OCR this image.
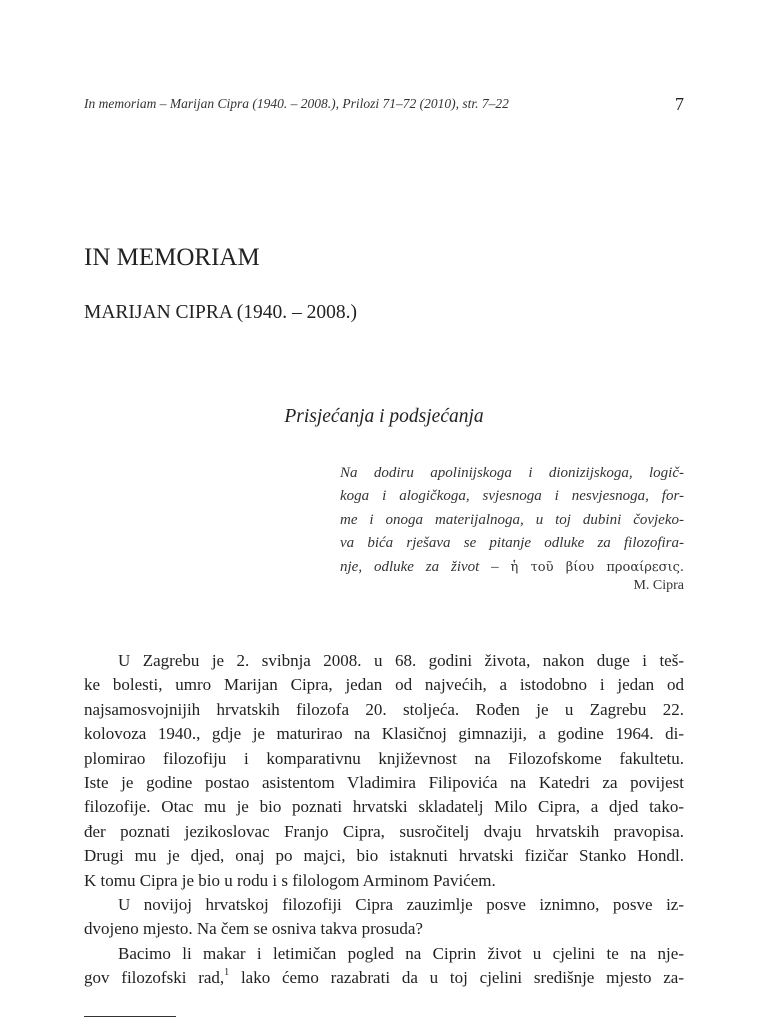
In memoriam – Marijan Cipra (1940. – 2008.), Prilozi 71–72 (2010), str. 7–22	7
IN MEMORIAM
MARIJAN CIPRA (1940. – 2008.)
Prisjećanja i podsjećanja
Na dodiru apolinijskoga i dionizijskoga, logič-
koga i alogičkoga, svjesnoga i nesvjesnoga, for-
me i onoga materijalnoga, u toj dubini čovjeko-
va bića rješava se pitanje odluke za filozofira-
nje, odluke za život – ἡ τοῦ βίου προαίρεσις.
M. Cipra
U Zagrebu je 2. svibnja 2008. u 68. godini života, nakon duge i teš-
ke bolesti, umro Marijan Cipra, jedan od najvećih, a istodobno i jedan od
najsamosvojnijih hrvatskih filozofa 20. stoljeća. Rođen je u Zagrebu 22.
kolovoza 1940., gdje je maturirao na Klasičnoj gimnaziji, a godine 1964. di-
plomirao filozofiju i komparativnu književnost na Filozofskome fakultetu.
Iste je godine postao asistentom Vladimira Filipovića na Katedri za povijest
filozofije. Otac mu je bio poznati hrvatski skladatelj Milo Cipra, a djed tako-
đer poznati jezikoslovac Franjo Cipra, susročitelj dvaju hrvatskih pravopisa.
Drugi mu je djed, onaj po majci, bio istaknuti hrvatski fizičar Stanko Hondl.
K tomu Cipra je bio u rodu i s filologom Arminom Pavićem.
U novijoj hrvatskoj filozofiji Cipra zauzimlje posve iznimno, posve iz-
dvojeno mjesto. Na čem se osniva takva prosuda?
Bacimo li makar i letimičan pogled na Ciprin život u cjelini te na nje-
gov filozofski rad,$^1$ lako ćemo razabrati da u toj cjelini središnje mjesto za-
